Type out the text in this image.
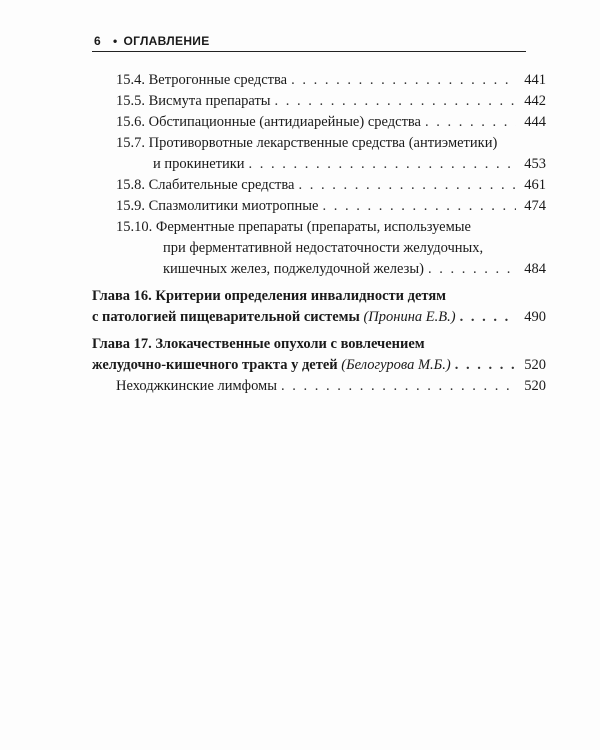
6 • ОГЛАВЛЕНИЕ
15.4. Ветрогонные средства . . .	441
15.5. Висмута препараты . . .	442
15.6. Обстипационные (антидиарейные) средства . . .	444
15.7. Противорвотные лекарственные средства (антиэметики)
и прокинетики . . .	453
15.8. Слабительные средства . . .	461
15.9. Спазмолитики миотропные . . .	474
15.10. Ферментные препараты (препараты, используемые
при ферментативной недостаточности желудочных,
кишечных желез, поджелудочной железы) . . .	484
Глава 16. Критерии определения инвалидности детям
с патологией пищеварительной системы (Пронина Е.В.) . . .	490
Глава 17. Злокачественные опухоли с вовлечением
желудочно-кишечного тракта у детей (Белогурова М.Б.) . . .	520
Неходжкинские лимфомы . . .	520
